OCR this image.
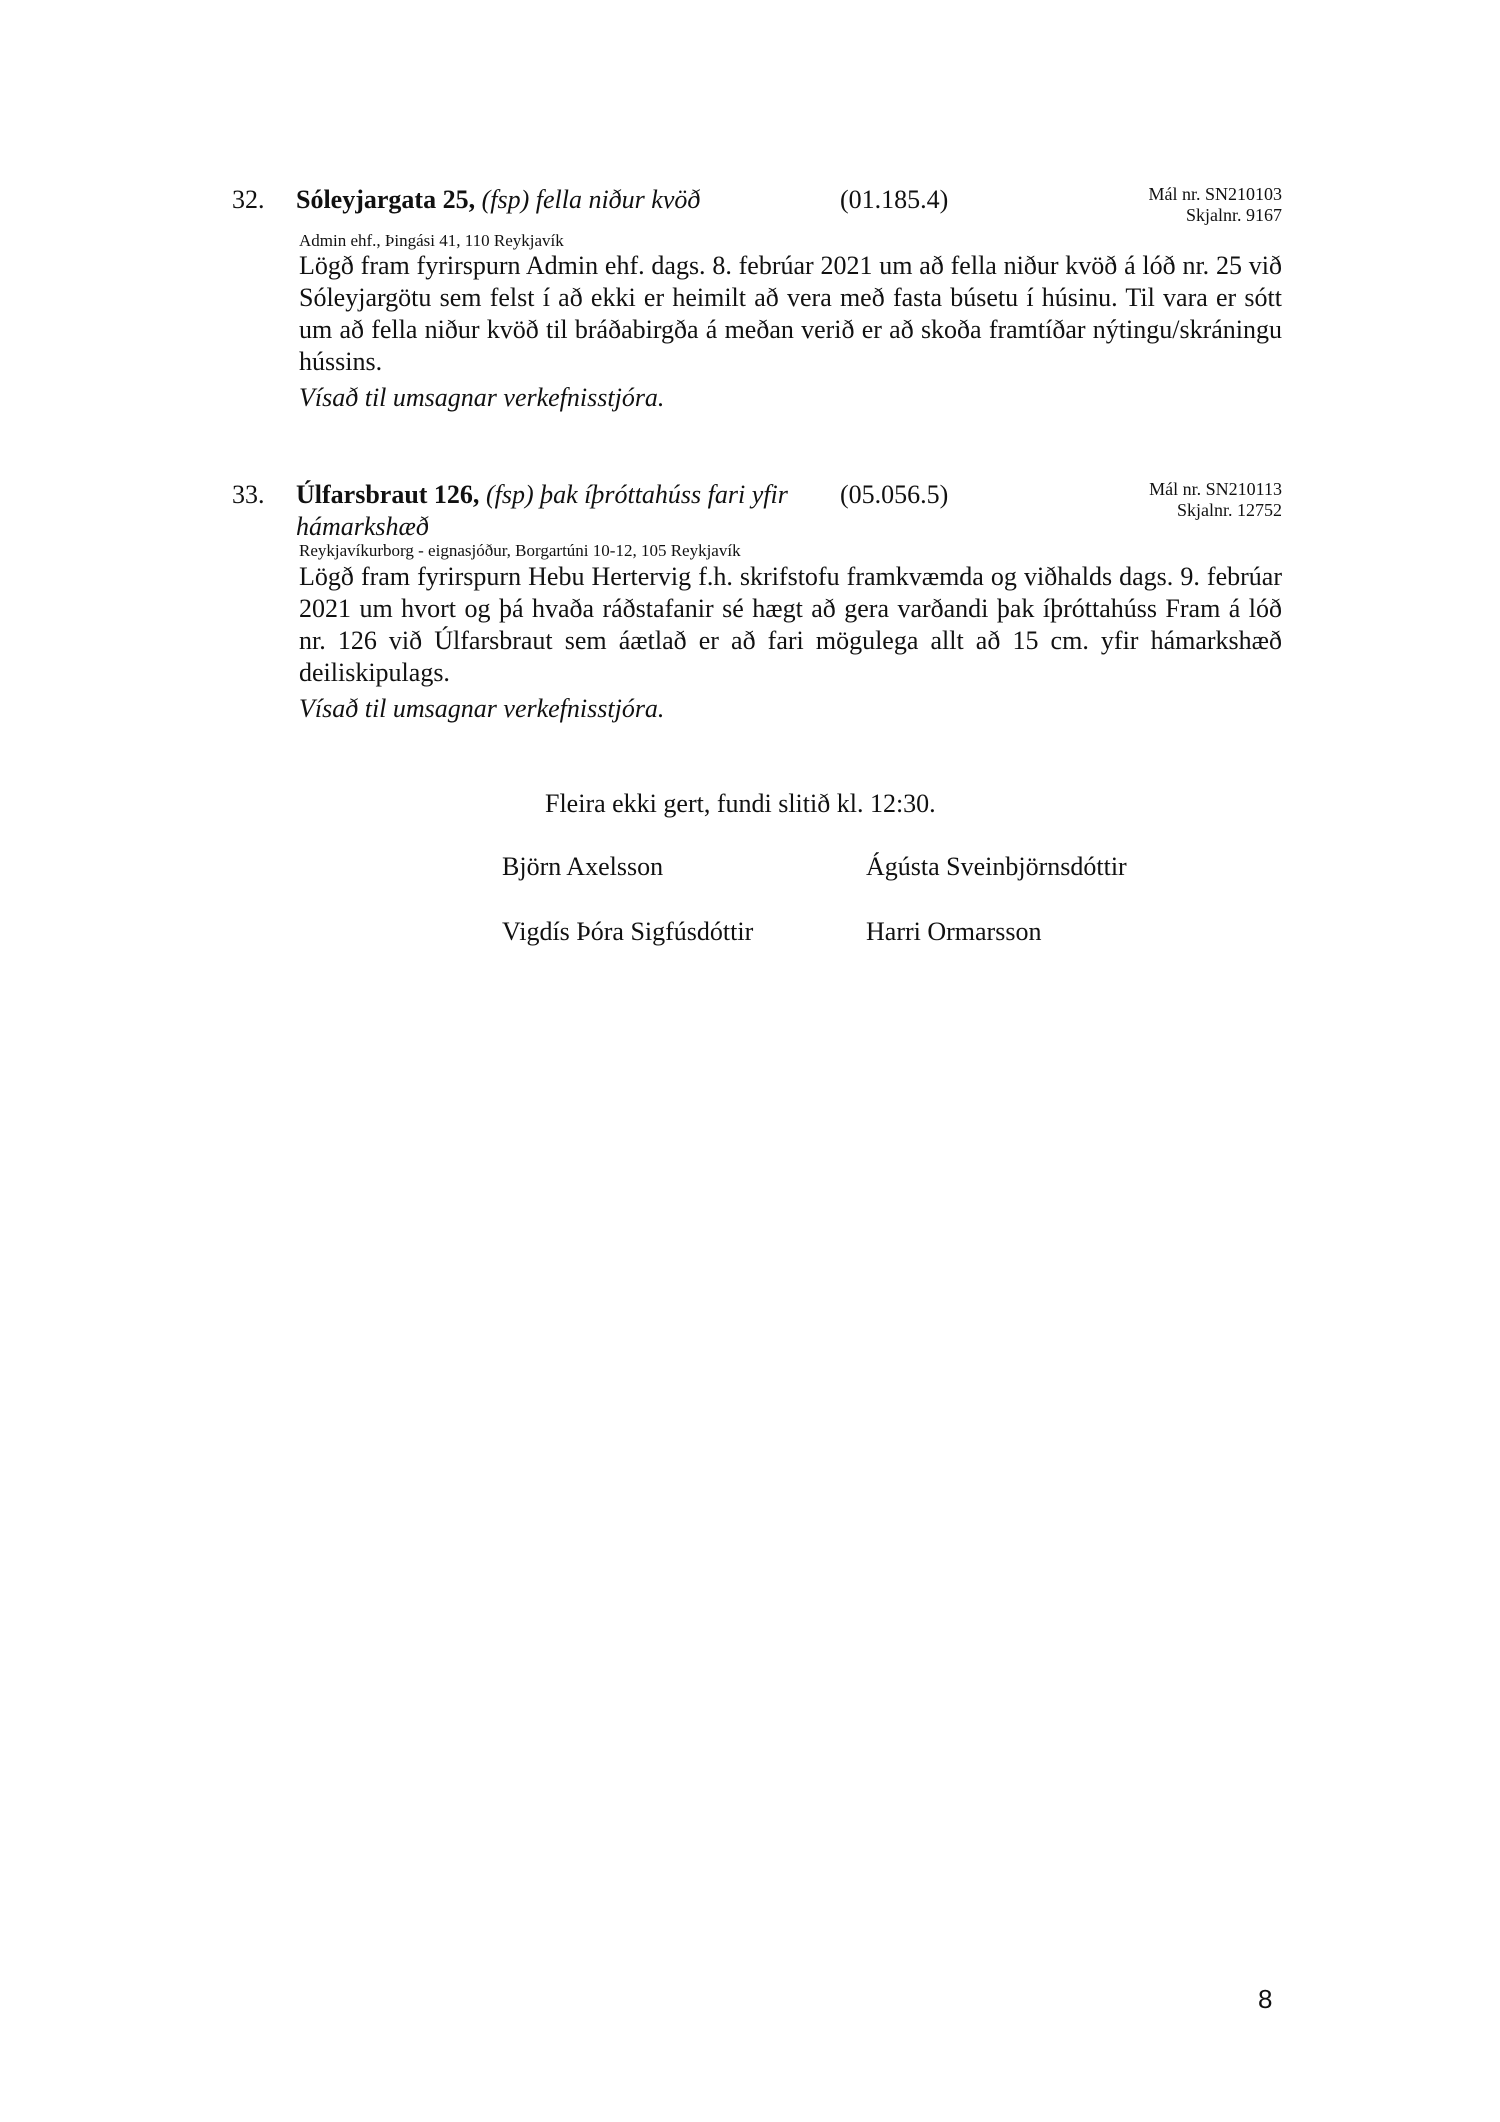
32. Sóleyjargata 25, (fsp) fella niður kvöð	(01.185.4)	Mál nr. SN210103
Skjalnr. 9167
Admin ehf., Þingási 41, 110 Reykjavík
Lögð fram fyrirspurn Admin ehf. dags. 8. febrúar 2021 um að fella niður kvöð á lóð nr. 25 við Sóleyjargötu sem felst í að ekki er heimilt að vera með fasta búsetu í húsinu. Til vara er sótt um að fella niður kvöð til bráðabirgða á meðan verið er að skoða framtíðar nýtingu/skráningu hússins.
Vísað til umsagnar verkefnisstjóra.
33. Úlfarsbraut 126, (fsp) þak íþróttahúss fari yfir hámarkshæð
(05.056.5)	Mál nr. SN210113
Skjalnr. 12752
Reykjavíkurborg - eignasjóður, Borgartúni 10-12, 105 Reykjavík
Lögð fram fyrirspurn Hebu Hertervig f.h. skrifstofu framkvæmda og viðhalds dags. 9. febrúar 2021 um hvort og þá hvaða ráðstafanir sé hægt að gera varðandi þak íþróttahúss Fram á lóð nr. 126 við Úlfarsbraut sem áætlað er að fari mögulega allt að 15 cm. yfir hámarkshæð deiliskipulags.
Vísað til umsagnar verkefnisstjóra.
Fleira ekki gert, fundi slitið kl. 12:30.
Björn Axelsson	Ágústa Sveinbjörnsdóttir
Vigdís Þóra Sigfúsdóttir	Harri Ormarsson
8
